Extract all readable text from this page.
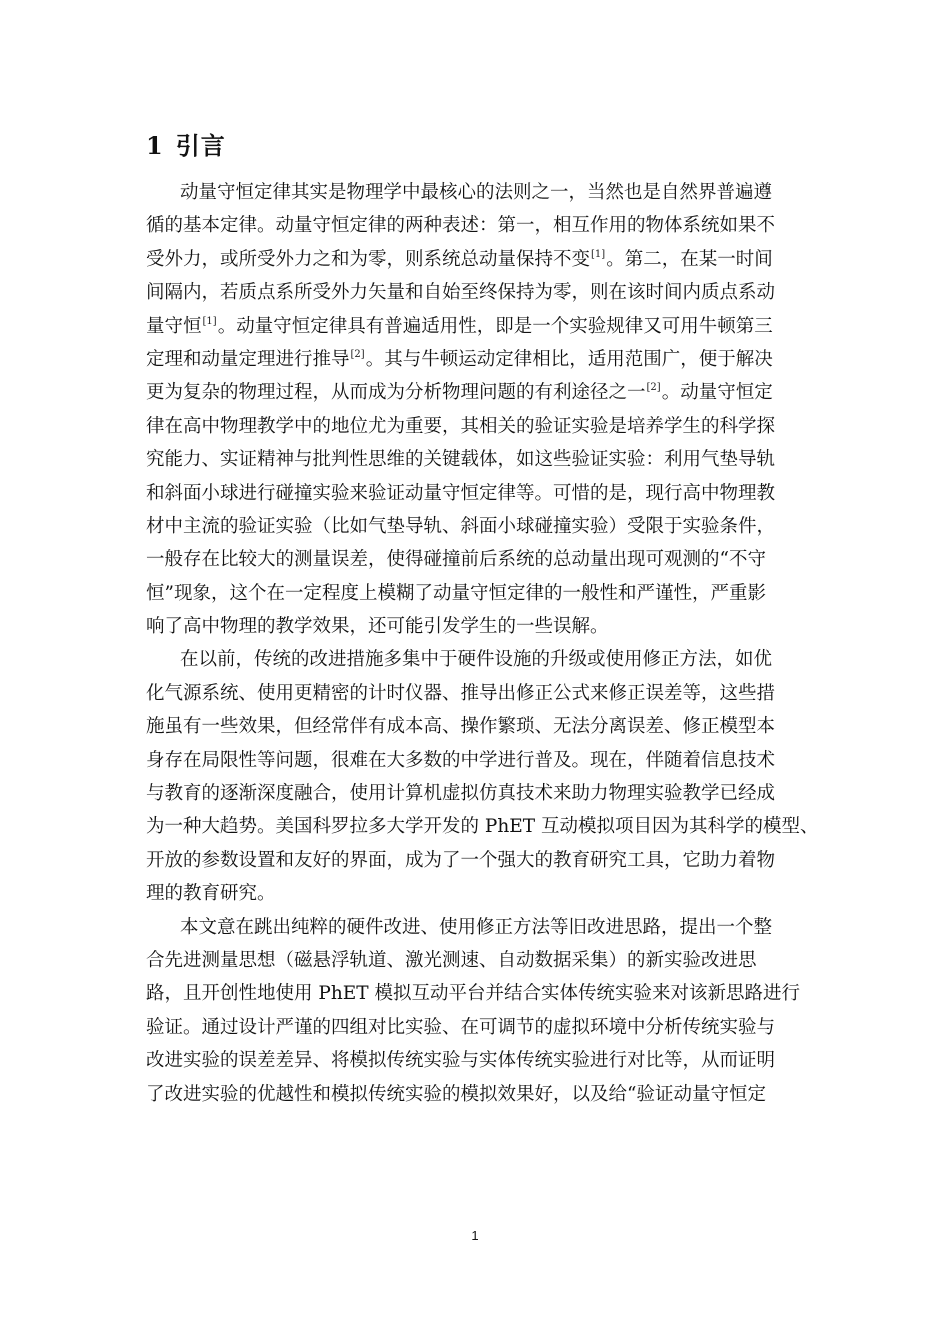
1 引言
动量守恒定律其实是物理学中最核心的法则之一，当然也是自然界普遍遵
循的基本定律。动量守恒定律的两种表述：第一，相互作用的物体系统如果不
受外力，或所受外力之和为零，则系统总动量保持不变[1]。第二，在某一时间
间隔内，若质点系所受外力矢量和自始至终保持为零，则在该时间内质点系动
量守恒[1]。动量守恒定律具有普遍适用性，即是一个实验规律又可用牛顿第三
定理和动量定理进行推导[2]。其与牛顿运动定律相比，适用范围广，便于解决
更为复杂的物理过程，从而成为分析物理问题的有利途径之一[2]。动量守恒定
律在高中物理教学中的地位尤为重要，其相关的验证实验是培养学生的科学探
究能力、实证精神与批判性思维的关键载体，如这些验证实验：利用气垫导轨
和斜面小球进行碰撞实验来验证动量守恒定律等。可惜的是，现行高中物理教
材中主流的验证实验（比如气垫导轨、斜面小球碰撞实验）受限于实验条件，
一般存在比较大的测量误差，使得碰撞前后系统的总动量出现可观测的“不守
恒”现象，这个在一定程度上模糊了动量守恒定律的一般性和严谨性，严重影
响了高中物理的教学效果，还可能引发学生的一些误解。
在以前，传统的改进措施多集中于硬件设施的升级或使用修正方法，如优
化气源系统、使用更精密的计时仪器、推导出修正公式来修正误差等，这些措
施虽有一些效果，但经常伴有成本高、操作繁琐、无法分离误差、修正模型本
身存在局限性等问题，很难在大多数的中学进行普及。现在，伴随着信息技术
与教育的逐渐深度融合，使用计算机虚拟仿真技术来助力物理实验教学已经成
为一种大趋势。美国科罗拉多大学开发的 PhET 互动模拟项目因为其科学的模型、
开放的参数设置和友好的界面，成为了一个强大的教育研究工具，它助力着物
理的教育研究。
本文意在跳出纯粹的硬件改进、使用修正方法等旧改进思路，提出一个整
合先进测量思想（磁悬浮轨道、激光测速、自动数据采集）的新实验改进思
路，且开创性地使用 PhET 模拟互动平台并结合实体传统实验来对该新思路进行
验证。通过设计严谨的四组对比实验、在可调节的虚拟环境中分析传统实验与
改进实验的误差差异、将模拟传统实验与实体传统实验进行对比等，从而证明
了改进实验的优越性和模拟传统实验的模拟效果好，以及给“验证动量守恒定
1
